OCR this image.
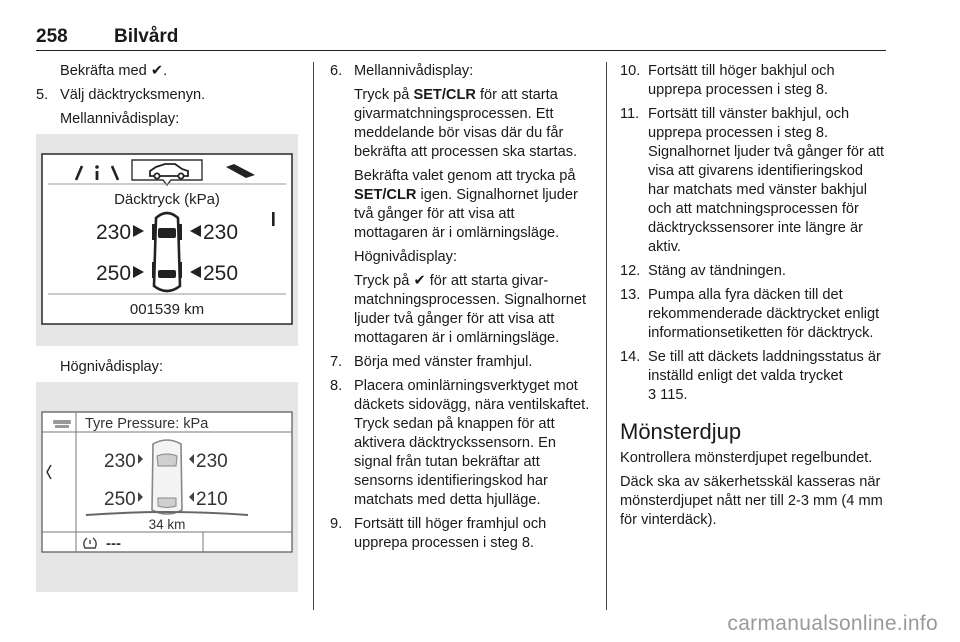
258 Bilvård

Bekräfta med ✔.

5. Välj däcktrycksmenyn.

Mellannivådisplay:

Däcktryck (kPa)
230	230
250	250
001539 km

Högnivådisplay:

Tyre Pressure: kPa
230	230
250	210
34 km
---
6. Mellannivådisplay:

Tryck på SET/CLR för att starta givarmatchningsprocessen. Ett meddelande bör visas där du får bekräfta att processen ska startas.

Bekräfta valet genom att trycka på SET/CLR igen. Signalhornet ljuder två gånger för att visa att mottagaren är i omlärningsläge.

Högnivådisplay:

Tryck på ✔ för att starta givarmatchningsprocessen. Signalhornet ljuder två gånger för att visa att mottagaren är i omlärningsläge.

7. Börja med vänster framhjul.
8. Placera ominlärningsverktyget mot däckets sidovägg, nära ventilskaftet. Tryck sedan på knappen för att aktivera däcktryckssensorn. En signal från tutan bekräftar att sensorns identifieringskod har matchats med detta hjulläge.
9. Fortsätt till höger framhjul och upprepa processen i steg 8.
10. Fortsätt till höger bakhjul och upprepa processen i steg 8.
11. Fortsätt till vänster bakhjul, och upprepa processen i steg 8. Signalhornet ljuder två gånger för att visa att givarens identifieringskod har matchats med vänster bakhjul och att matchningsprocessen för däcktryckssensorer inte längre är aktiv.
12. Stäng av tändningen.
13. Pumpa alla fyra däcken till det rekommenderade däcktrycket enligt informationsetiketten för däcktryck.
14. Se till att däckets laddningsstatus är inställd enligt det valda trycket
3 115.
Mönsterdjup

Kontrollera mönsterdjupet regelbundet.

Däck ska av säkerhetsskäl kasseras när mönsterdjupet nått ner till 2-3 mm (4 mm för vinterdäck).

carmanualsonline.info
